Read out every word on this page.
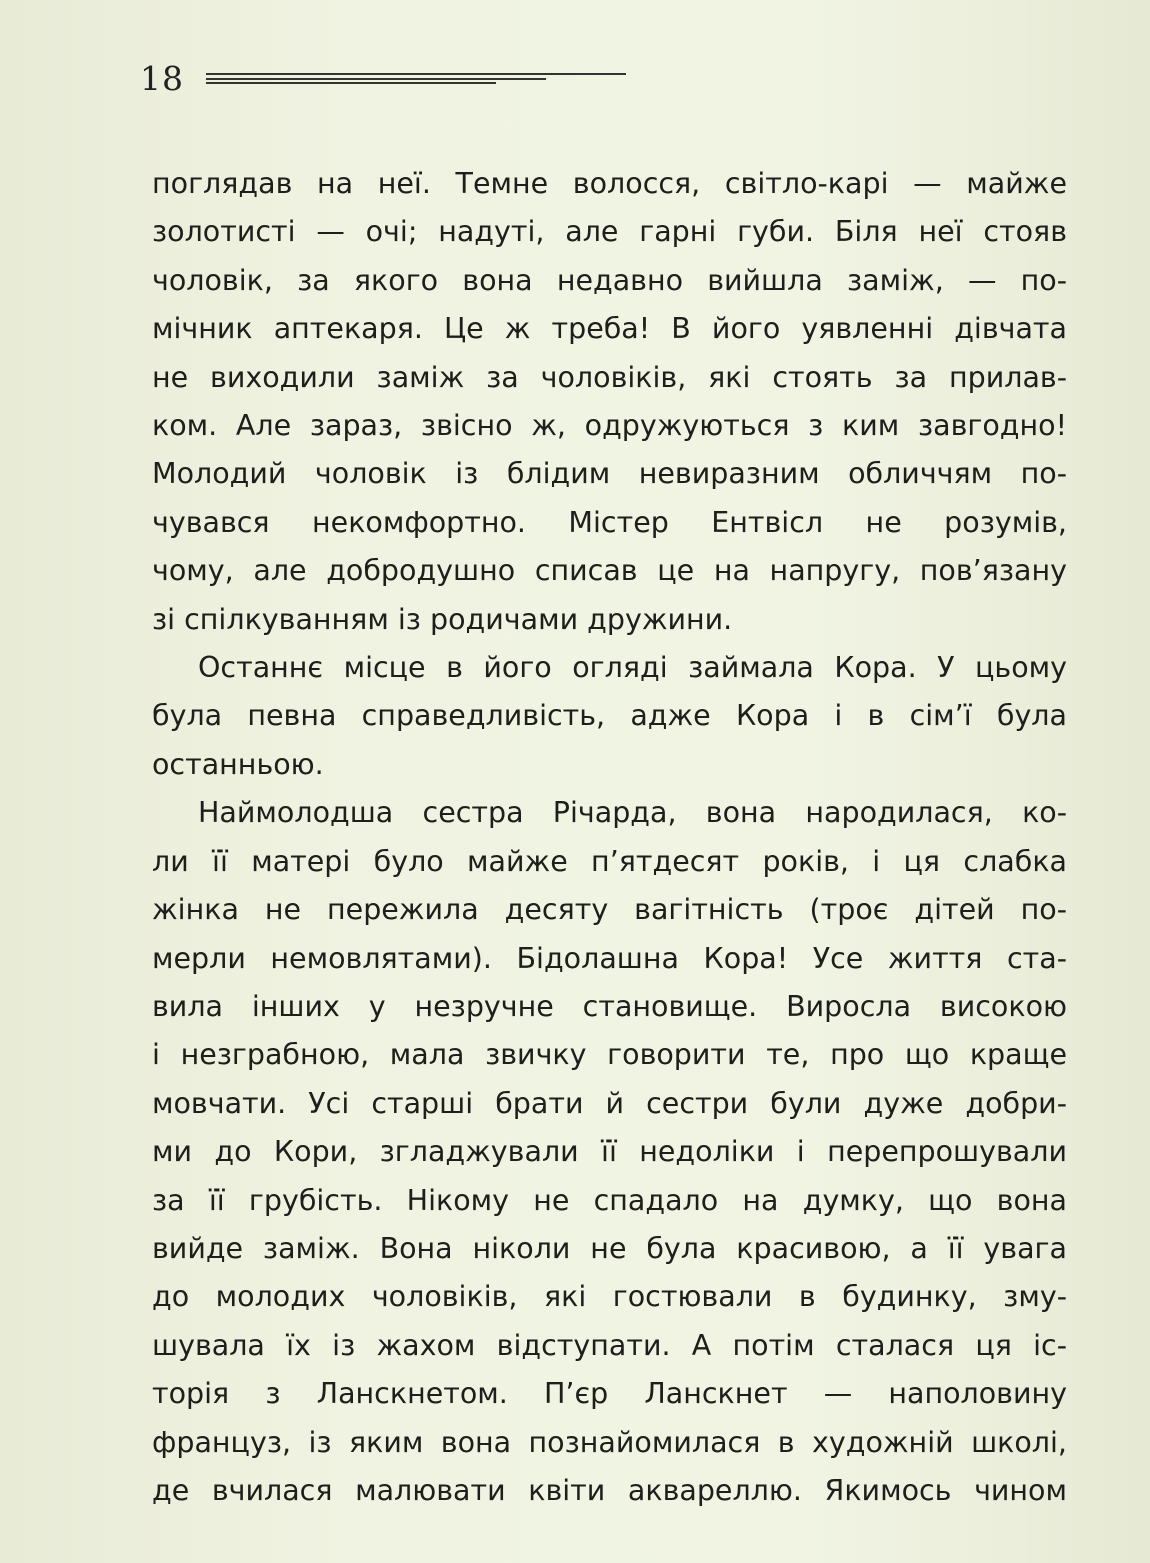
18

поглядав на неї. Темне волосся, світло-карі — майже

золотисті — очі; надуті, але гарні губи. Біля неї стояв

чоловік, за якого вона недавно вийшла заміж, — по-

мічник аптекаря. Це ж треба! В його уявленні дівчата

не виходили заміж за чоловіків, які стоять за прилав-

ком. Але зараз, звісно ж, одружуються з ким завгодно!

Молодий чоловік із блідим невиразним обличчям по-

чувався некомфортно. Містер Ентвісл не розумів,

чому, але добродушно списав це на напругу, пов’язану

зі спілкуванням із родичами дружини.

Останнє місце в його огляді займала Кора. У цьому

була певна справедливість, адже Кора і в сім’ї була

останньою.

Наймолодша сестра Річарда, вона народилася, ко-

ли її матері було майже п’ятдесят років, і ця слабка

жінка не пережила десяту вагітність (троє дітей по-

мерли немовлятами). Бідолашна Кора! Усе життя ста-

вила інших у незручне становище. Виросла високою

і незграбною, мала звичку говорити те, про що краще

мовчати. Усі старші брати й сестри були дуже добри-

ми до Кори, згладжували її недоліки і перепрошували

за її грубість. Нікому не спадало на думку, що вона

вийде заміж. Вона ніколи не була красивою, а її увага

до молодих чоловіків, які гостювали в будинку, зму-

шувала їх із жахом відступати. А потім сталася ця іс-

торія з Ланскнетом. П’єр Ланскнет — наполовину

француз, із яким вона познайомилася в художній школі,

де вчилася малювати квіти аквареллю. Якимось чином
